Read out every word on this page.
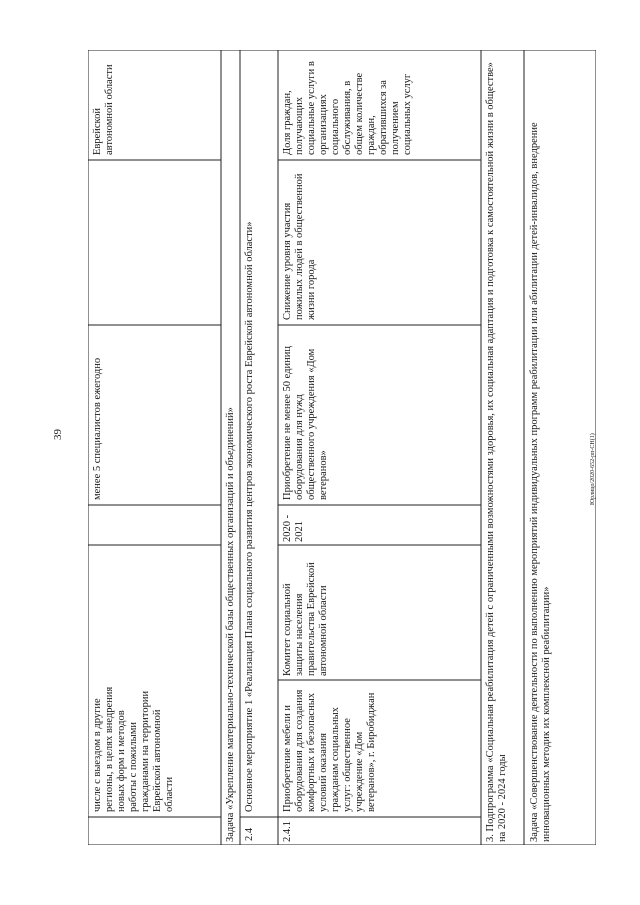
39	Юрлицо/2020-652-рп-CH(1)
числе с выездом в другие регионы, в целях внедрения новых форм и методов работы с пожилыми гражданами на территории Еврейской автономной области
менее 5 специалистов ежегодно
Еврейской автономной области
Задача «Укрепление материально-технической базы общественных организаций и объединений» 2.4
Основное мероприятие 1 «Реализация Плана социального развития центров экономического роста Еврейской автономной области»
2.4.1
Приобретение мебели и оборудования для создания комфортных и безопасных условий оказания гражданам социальных услуг: общественное учреждение «Дом ветеранов», г. Биробиджан
Комитет социальной защиты населения правительства Еврейской автономной области
2020 - 2021
Приобретение не менее 50 единиц оборудования для нужд общественного учреждения «Дом ветеранов»
Снижение уровня участия пожилых людей в общественной жизни города
Доля граждан, получающих социальные услуги в организациях социального обслуживания, в общем количестве граждан, обратившихся за получением социальных услуг	3. Подпрограмма «Социальная реабилитация детей с ограниченными возможностями здоровья, их социальная адаптация и подготовка к самостоятельной жизни в обществе» на 2020 - 2024 годы Задача «Совершенствование деятельности по выполнению мероприятий индивидуальных программ реабилитации или абилитации детей-инвалидов, внедрение инновационных методик их комплексной реабилитации»
